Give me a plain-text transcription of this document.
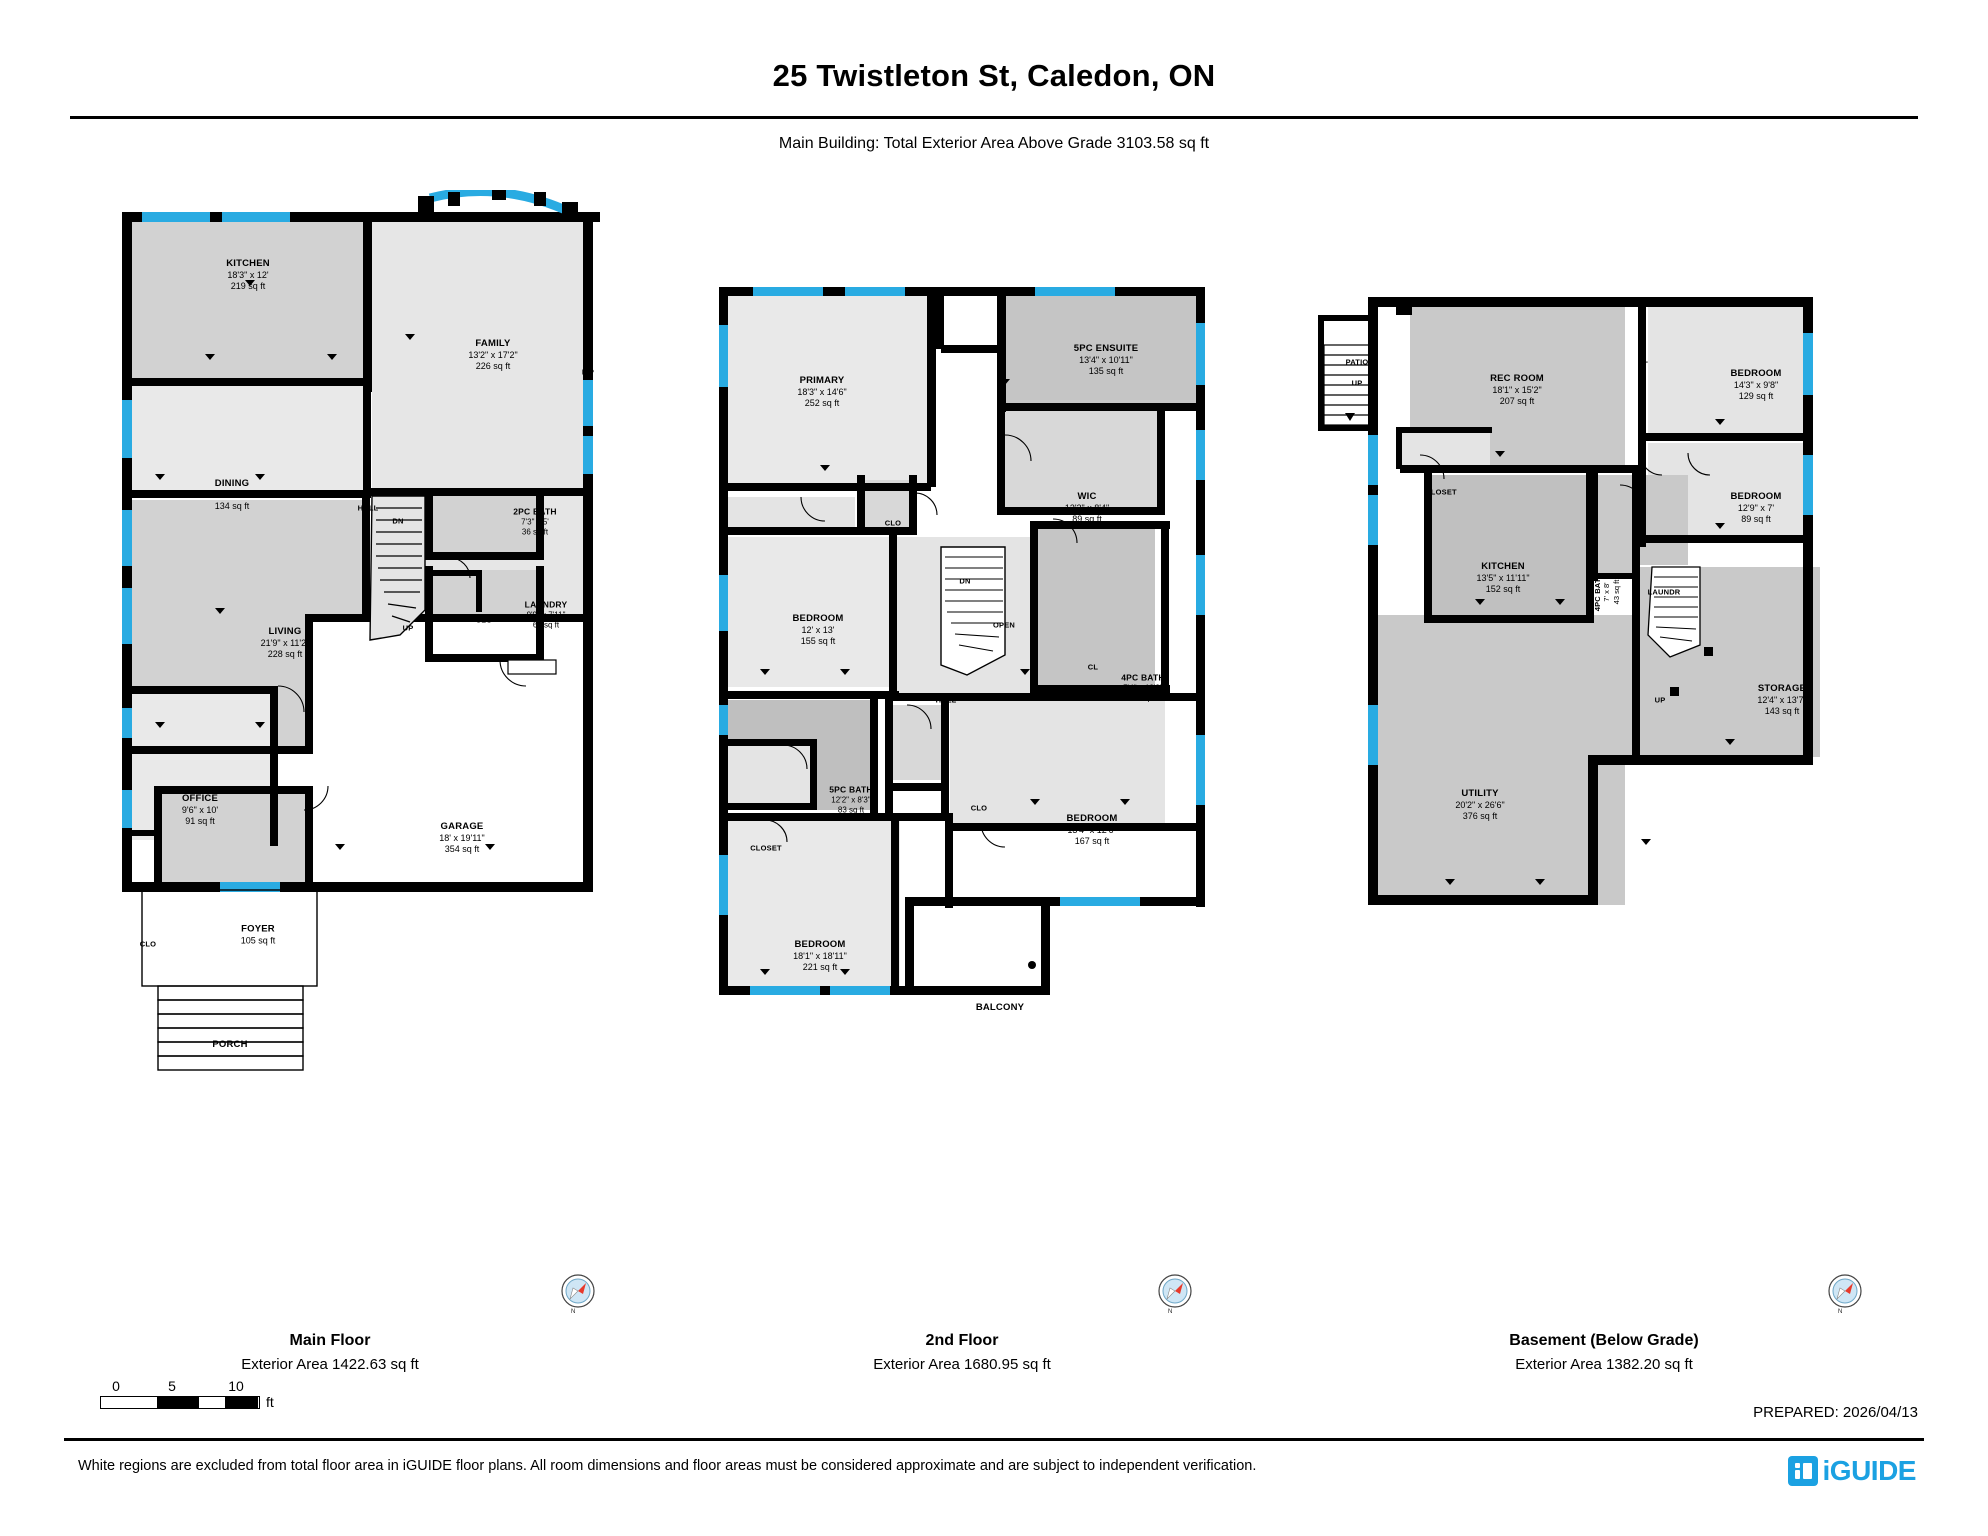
25 Twistleton St, Caledon, ON
Main Building: Total Exterior Area Above Grade 3103.58 sq ft
KITCHEN
18'3" x 12'
219 sq ft
FAMILY
13'2" x 17'2"
226 sq ft
DINING
13'4" x 10'1"
134 sq ft
2PC BATH
7'3" x 5'
36 sq ft
LAUNDRY
9'9" x 7'11"
61 sq ft
LIVING
21'9" x 11'2"
228 sq ft
OFFICE
9'6" x 10'
91 sq ft	GARAGE
18' x 19'11"
354 sq ft
FOYER
105 sq ft
PORCH
HALL
CLO
CLO
UP
DN
F/P
PRIMARY
18'3" x 14'6"
252 sq ft
5PC ENSUITE
13'4" x 10'11"
135 sq ft
WIC
13'2" x 8'4"
89 sq ft
CLOSET
CLO
BEDROOM
12' x 13'
155 sq ft
HALL
OPEN
DN
CL
4PC BATH
7'4" x 13'3"
77 sq ft
5PC BATH
12'2" x 8'3"
83 sq ft
CLOSET
CLO
BEDROOM
13'4" x 12'6"
167 sq ft
BEDROOM
18'1" x 18'11"
221 sq ft
BALCONY
PATIO
UP	REC ROOM
18'1" x 15'2"
207 sq ft
CL
BEDROOM
14'3" x 9'8"
129 sq ft
BEDROOM
12'9" x 7'
89 sq ft
CLOSET
KITCHEN
13'5" x 11'11"
152 sq ft	4PC BATH 7' x 8' 43 sq ft	LAUNDR
STORAGE
12'4" x 13'7"
143 sq ft
UTILITY
20'2" x 26'6"
376 sq ft
UP
N	N	N
Main Floor
Exterior Area 1422.63 sq ft
2nd Floor
Exterior Area 1680.95 sq ft
Basement (Below Grade)
Exterior Area 1382.20 sq ft
0	5	10
ft
PREPARED: 2026/04/13
White regions are excluded from total floor area in iGUIDE floor plans. All room dimensions and floor areas must be considered approximate and are subject to independent verification.	iGUIDE
